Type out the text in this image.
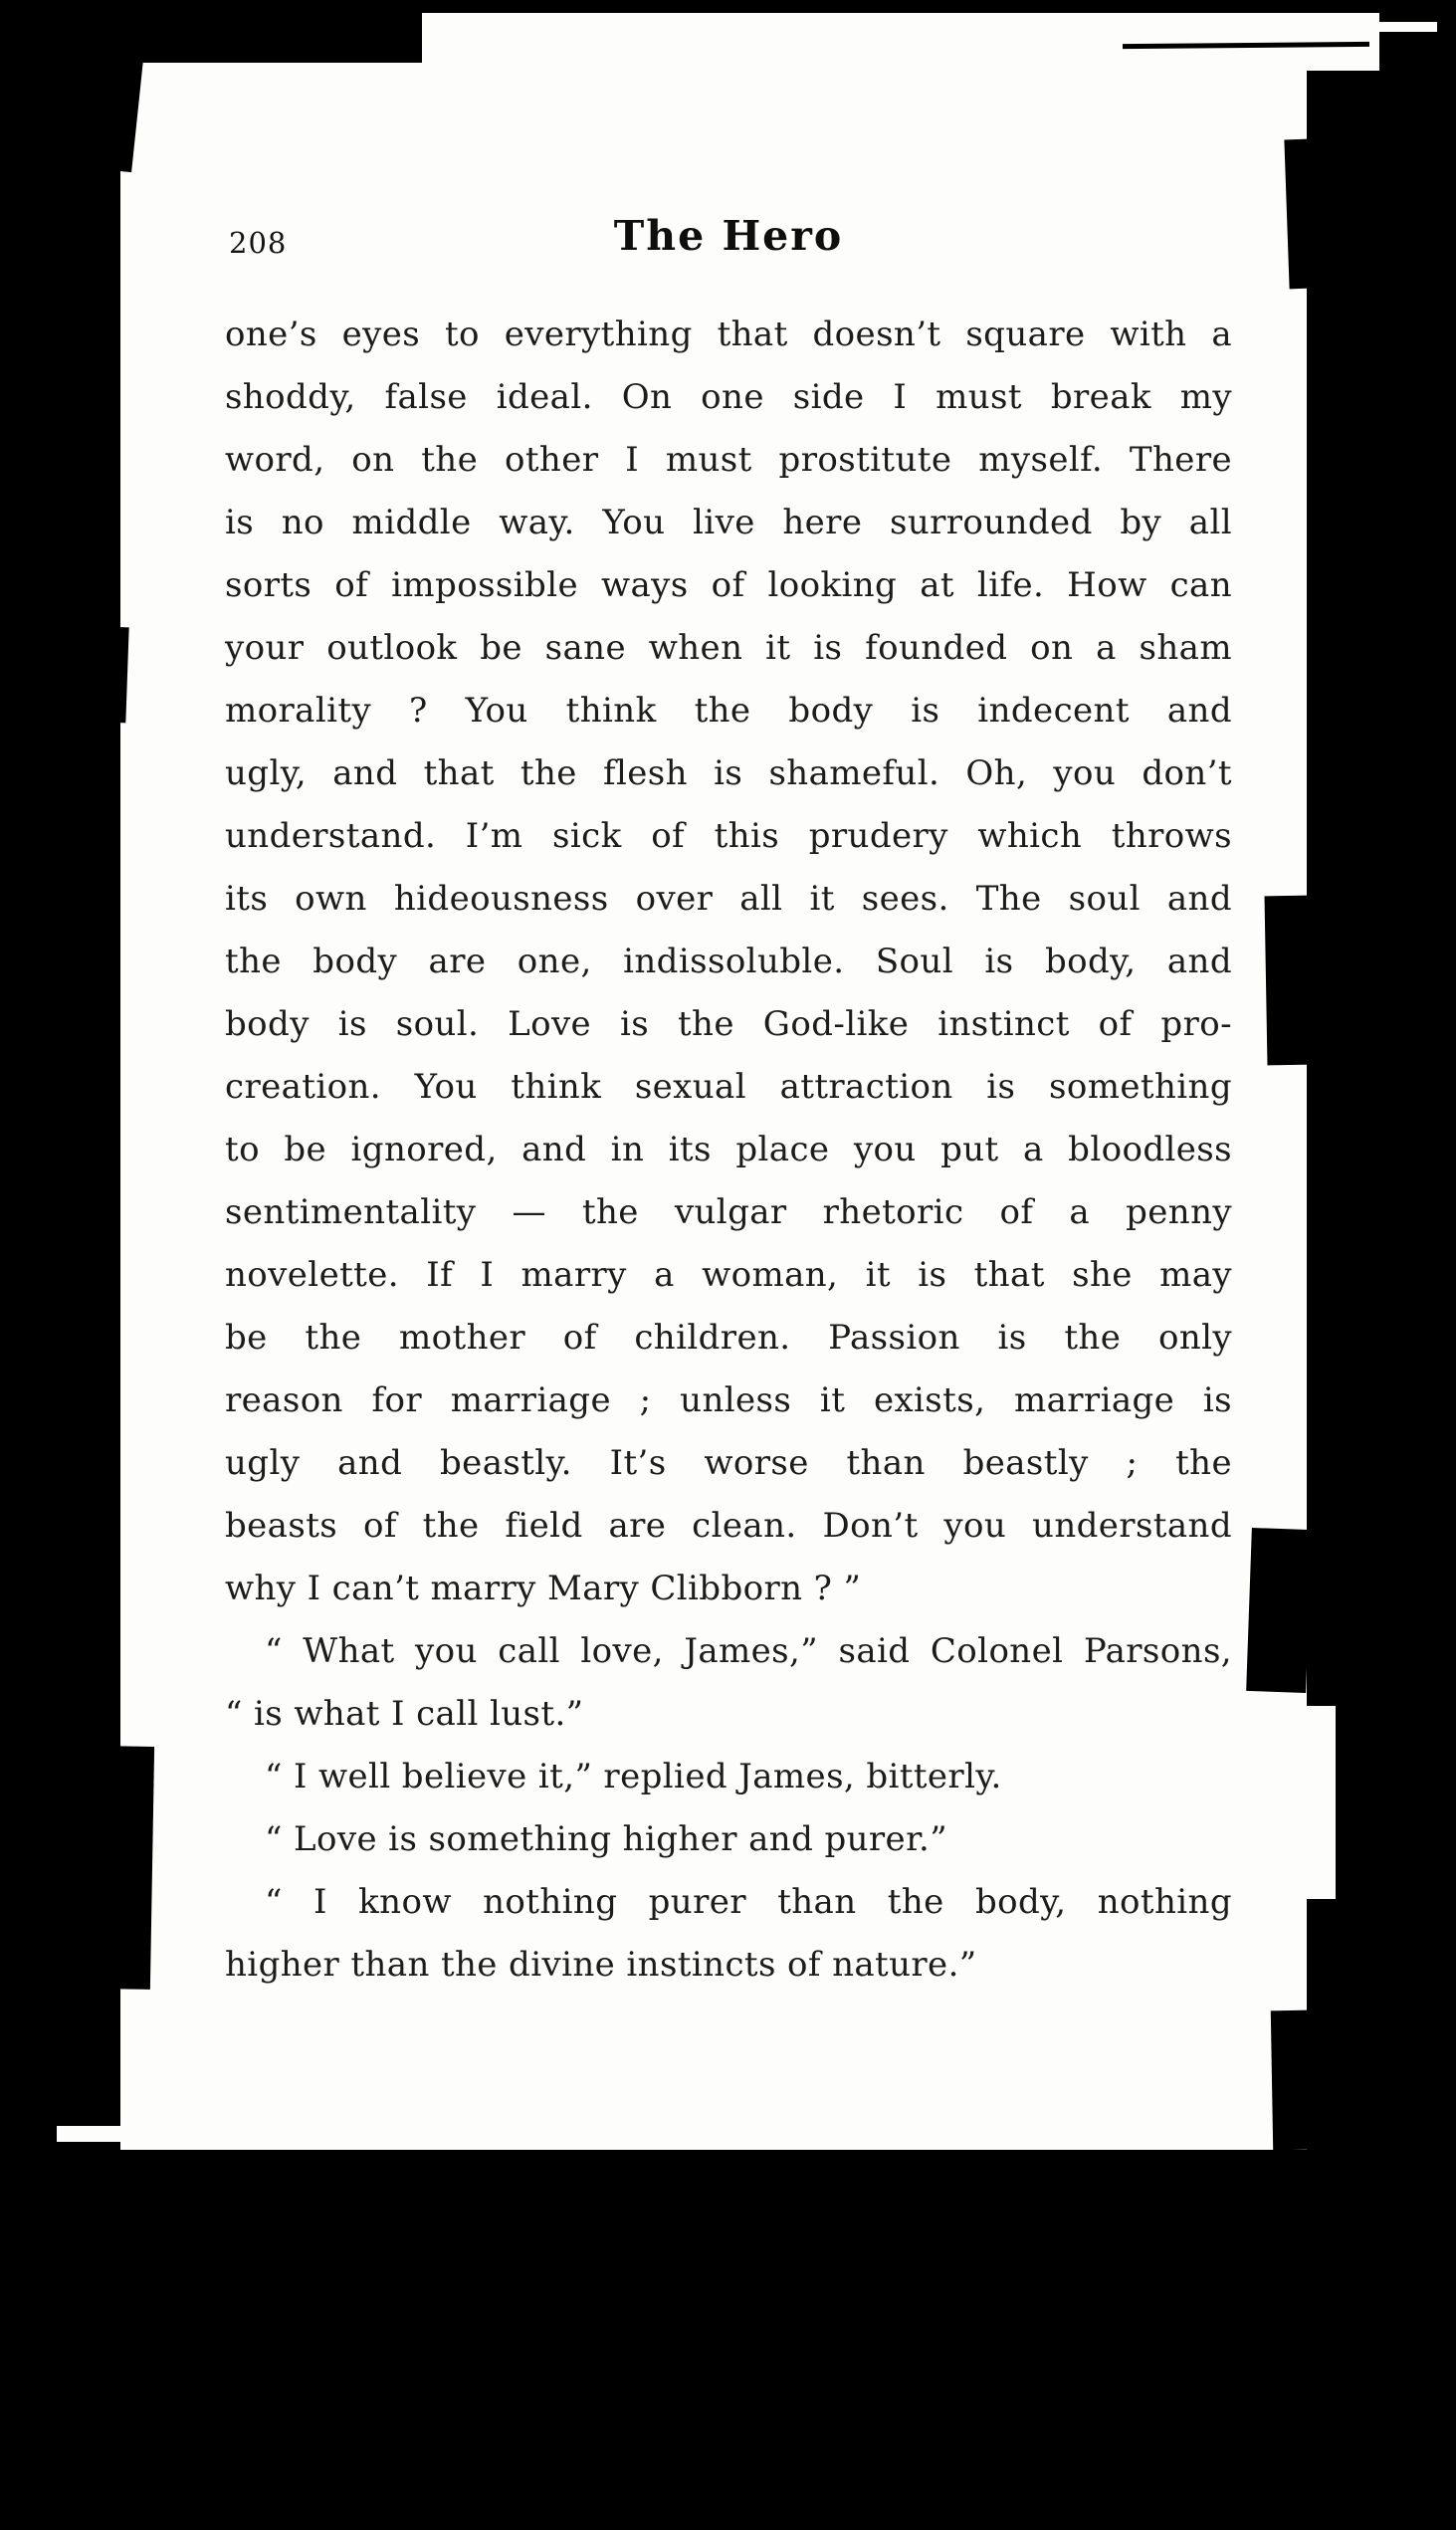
208	The Hero
one’s eyes to everything that doesn’t square with a
shoddy, false ideal. On one side I must break my
word, on the other I must prostitute myself. There
is no middle way. You live here surrounded by all
sorts of impossible ways of looking at life. How can
your outlook be sane when it is founded on a sham
morality ? You think the body is indecent and
ugly, and that the flesh is shameful. Oh, you don’t
understand. I’m sick of this prudery which throws
its own hideousness over all it sees. The soul and
the body are one, indissoluble. Soul is body, and
body is soul. Love is the God-like instinct of pro-
creation. You think sexual attraction is something
to be ignored, and in its place you put a bloodless
sentimentality — the vulgar rhetoric of a penny
novelette. If I marry a woman, it is that she may
be the mother of children. Passion is the only
reason for marriage ; unless it exists, marriage is
ugly and beastly. It’s worse than beastly ; the
beasts of the field are clean. Don’t you understand
why I can’t marry Mary Clibborn ? ”
“ What you call love, James,” said Colonel Parsons,
“ is what I call lust.”
“ I well believe it,” replied James, bitterly.
“ Love is something higher and purer.”
“ I know nothing purer than the body, nothing
higher than the divine instincts of nature.”
